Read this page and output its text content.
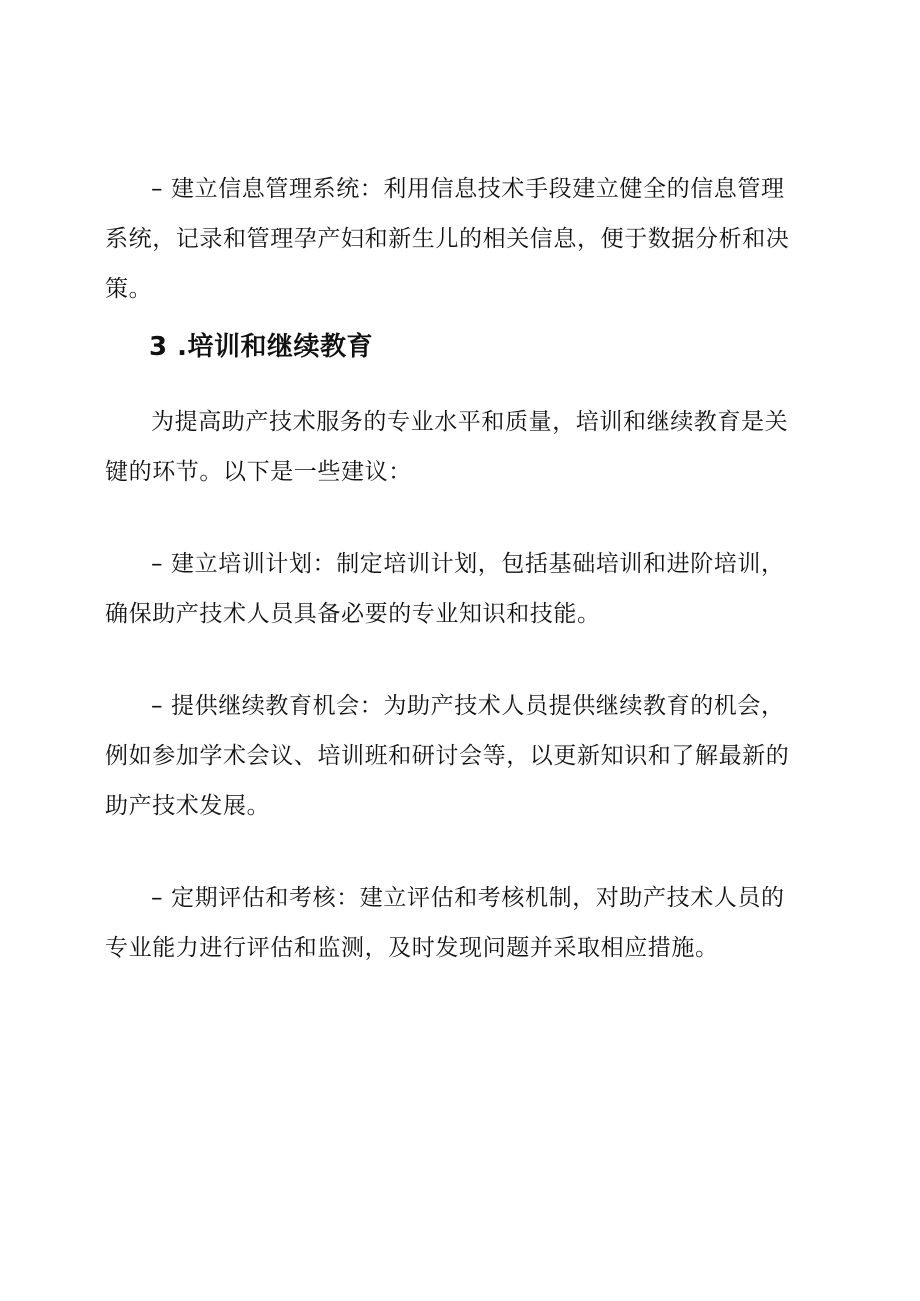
– 建立信息管理系统：利用信息技术手段建立健全的信息管理系统，记录和管理孕产妇和新生儿的相关信息，便于数据分析和决策。

3 .培训和继续教育

为提高助产技术服务的专业水平和质量，培训和继续教育是关键的环节。以下是一些建议：

– 建立培训计划：制定培训计划，包括基础培训和进阶培训，确保助产技术人员具备必要的专业知识和技能。

– 提供继续教育机会：为助产技术人员提供继续教育的机会，例如参加学术会议、培训班和研讨会等，以更新知识和了解最新的助产技术发展。

– 定期评估和考核：建立评估和考核机制，对助产技术人员的专业能力进行评估和监测，及时发现问题并采取相应措施。
